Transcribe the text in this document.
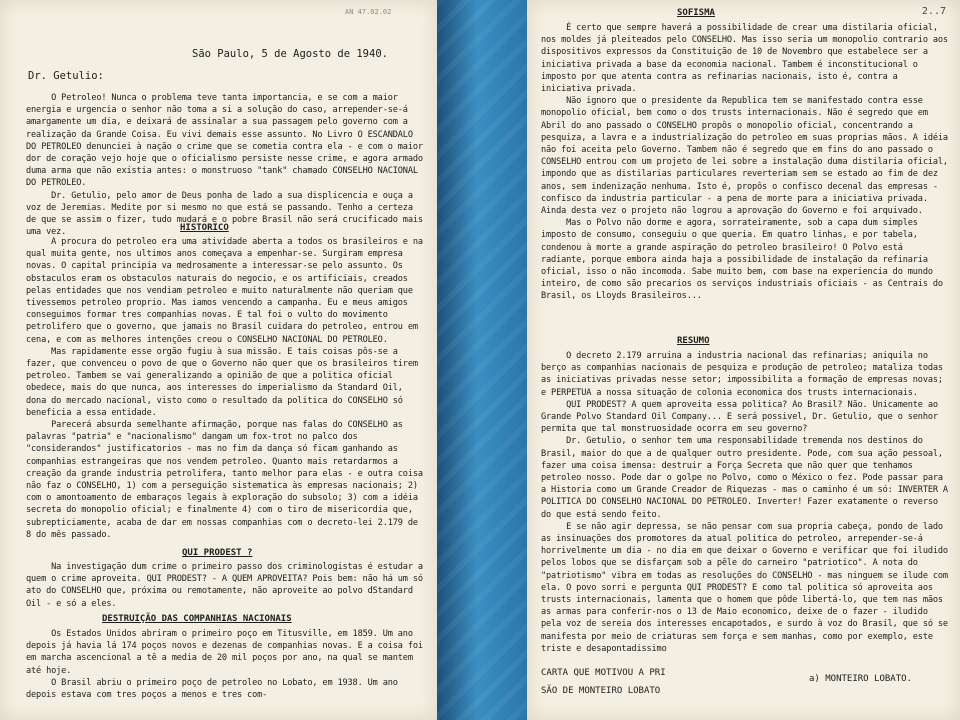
AN 47.02.02
São Paulo, 5 de Agosto de 1940.
Dr. Getulio:
O Petroleo! Nunca o problema teve tanta importancia, e se com a maior energia e urgencia o senhor não toma a si a solução do caso, arrepender-se-á amargamente um dia, e deixará de assinalar a sua passagem pelo governo com a realização da Grande Coisa. Eu vivi demais esse assunto. No Livro O ESCANDALO DO PETROLEO denunciei à nação o crime que se cometia contra ela - e com o maior dor de coração vejo hoje que o oficialismo persiste nesse crime, e agora armado duma arma que não existia antes: o monstruoso "tank" chamado CONSELHO NACIONAL DO PETROLEO.
Dr. Getulio, pelo amor de Deus ponha de lado a sua displicencia e ouça a voz de Jeremias. Medite por si mesmo no que está se passando. Tenho a certeza de que se assim o fizer, tudo mudará e o pobre Brasil não será crucificado mais uma vez.	HISTORICO
A procura do petroleo era uma atividade aberta a todos os brasileiros e na qual muita gente, nos ultimos anos começava a empenhar-se. Surgiram empresa novas. O capital principia va medrosamente a interessar-se pelo assunto. Os obstaculos eram os obstaculos naturais do negocio, e os artificiais, creados pelas entidades que nos vendiam petroleo e muito naturalmente não queriam que tivessemos petroleo proprio. Mas iamos vencendo a campanha. Eu e meus amigos conseguimos formar tres companhias novas. E tal foi o vulto do movimento petrolifero que o governo, que jamais no Brasil cuidara do petroleo, entrou em cena, e com as melhores intenções creou o CONSELHO NACIONAL DO PETROLEO.
Mas rapidamente esse orgão fugiu à sua missão. E tais coisas pôs-se a fazer, que convenceu o povo de que o Governo não quer que os brasileiros tirem petroleo. Tambem se vai generalizando a opinião de que a politica oficial obedece, mais do que nunca, aos interesses do imperialismo da Standard Oil, dona do mercado nacional, visto como o resultado da politica do CONSELHO só beneficia a essa entidade.
Parecerá absurda semelhante afirmação, porque nas falas do CONSELHO as palavras "patria" e "nacionalismo" dangam um fox-trot no palco dos "considerandos" justificatorios - mas no fim da dança só ficam ganhando as companhias estrangeiras que nos vendem petroleo. Quanto mais retardarmos a creação da grande industria petrolifera, tanto melhor para elas - e outra coisa não faz o CONSELHO, 1) com a perseguição sistematica às empresas nacionais; 2) com o amontoamento de embaraços legais à exploração do subsolo; 3) com a idéia secreta do monopolio oficial; e finalmente 4) com o tiro de misericordia que, subrepticiamente, acaba de dar em nossas companhias com o decreto-lei 2.179 de 8 do mês passado.
QUI PRODEST ?
Na investigação dum crime o primeiro passo dos criminologistas é estudar a quem o crime aproveita. QUI PRODEST? - A QUEM APROVEITA? Pois bem: não há um só ato do CONSELHO que, próxima ou remotamente, não aproveite ao polvo dStandard Oil - e só a eles.
DESTRUIÇÃO DAS COMPANHIAS NACIONAIS
Os Estados Unidos abriram o primeiro poço em Titusville, em 1859. Um ano depois já havia lá 174 poços novos e dezenas de companhias novas. E a coisa foi em marcha ascencional a tê a media de 20 mil poços por ano, na qual se mantem até hoje.
O Brasil abriu o primeiro poço de petroleo no Lobato, em 1938. Um ano depois estava com tres poços a menos e tres com-
2..7
SOFISMA
É certo que sempre haverá a possibilidade de crear uma distilaria oficial, nos moldes já pleiteados pelo CONSELHO. Mas isso seria um monopolio contrario aos dispositivos expressos da Constituição de 10 de Novembro que estabelece ser a iniciativa privada a base da economia nacional. Tambem é inconstitucional o imposto por que atenta contra as refinarias nacionais, isto é, contra a iniciativa privada.
Não ignoro que o presidente da Republica tem se manifestado contra esse monopolio oficial, bem como o dos trusts internacionais. Não é segredo que em Abril do ano passado o CONSELHO propôs o monopolio oficial, concentrando a pesquiza, a lavra e a industrialização do petroleo em suas proprias mãos. A idéia não foi aceita pelo Governo. Tambem não é segredo que em fins do ano passado o CONSELHO entrou com um projeto de lei sobre a instalação duma distilaria oficial, impondo que as distilarias particulares reverteriam sem se estado ao fim de dez anos, sem indenização nenhuma. Isto é, propôs o confisco decenal das empresas - confisco da industria particular - a pena de morte para a iniciativa privada. Ainda desta vez o projeto não logrou a aprovação do Governo e foi arquivado.
Mas o Polvo não dorme e agora, sorrateiramente, sob a capa dum simples imposto de consumo, conseguiu o que queria. Em quatro linhas, e por tabela, condenou à morte a grande aspiração do petroleo brasileiro! O Polvo está radiante, porque embora ainda haja a possibilidade de instalação da refinaria oficial, isso o não incomoda. Sabe muito bem, com base na experiencia do mundo inteiro, de como são precarios os serviços industriais oficiais - as Centrais do Brasil, os Lloyds Brasileiros...
RESUMO
O decreto 2.179 arruina a industria nacional das refinarias; aniquila no berço as companhias nacionais de pesquiza e produção de petroleo; mataliza todas as iniciativas privadas nesse setor; impossibilita a formação de empresas novas; e PERPETUA a nossa situação de colonia economica dos trusts internacionais.
QUI PRODEST? A quem aproveita essa politica? Ao Brasil? Não. Unicamente ao Grande Polvo Standard Oil Company... E será possivel, Dr. Getulio, que o senhor permita que tal monstruosidade ocorra em seu governo?
Dr. Getulio, o senhor tem uma responsabilidade tremenda nos destinos do Brasil, maior do que a de qualquer outro presidente. Pode, com sua ação pessoal, fazer uma coisa imensa: destruir a Força Secreta que não quer que tenhamos petroleo nosso. Pode dar o golpe no Polvo, como o México o fez. Pode passar para a Historia como um Grande Creador de Riquezas - mas o caminho é um só: INVERTER A POLITICA DO CONSELHO NACIONAL DO PETROLEO. Inverter! Fazer exatamente o reverso do que está sendo feito.
E se não agir depressa, se não pensar com sua propria cabeça, pondo de lado as insinuações dos promotores da atual politica do petroleo, arrepender-se-á horrivelmente um dia - no dia em que deixar o Governo e verificar que foi iludido pelos lobos que se disfarçam sob a pêle do carneiro "patriotico". A nota do "patriotismo" vibra em todas as resoluções do CONSELHO - mas ninguem se ilude com ela. O povo sorri e pergunta QUI PRODEST? E como tal politica só aproveita aos trusts internacionais, lamenta que o homem que pôde libertá-lo, que tem nas mãos as armas para conferir-nos o 13 de Maio economico, deixe de o fazer - iludido pela voz de sereia dos interesses encapotados, e surdo à voz do Brasil, que só se manifesta por meio de criaturas sem força e sem manhas, como por exemplo, este triste e desapontadissimo
a) MONTEIRO LOBATO.
CARTA QUE MOTIVOU A PRI
SÃO DE MONTEIRO LOBATO
